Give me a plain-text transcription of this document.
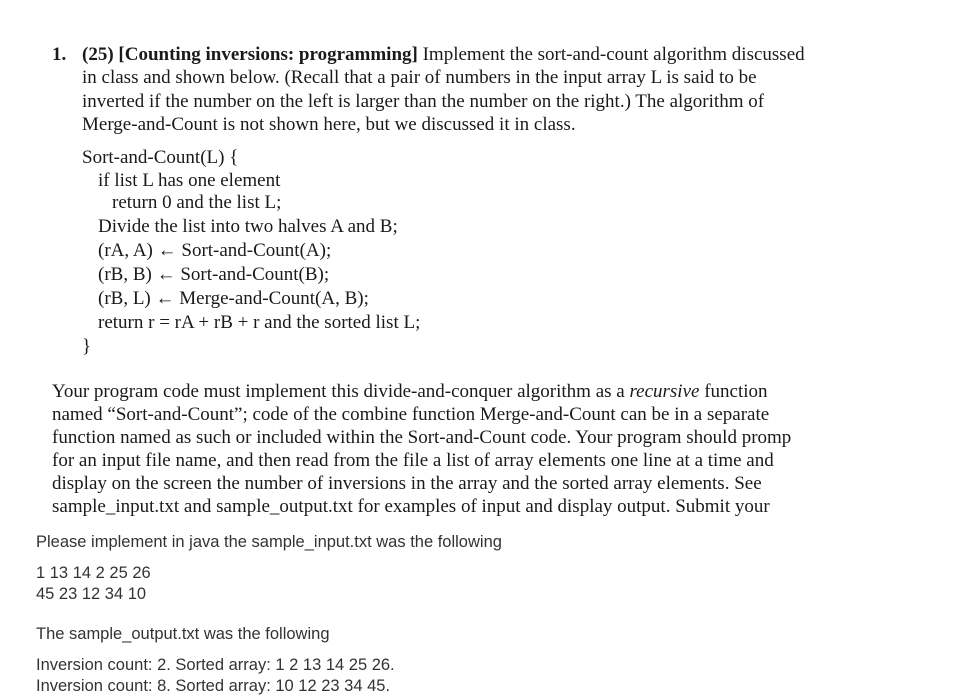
1. (25) [Counting inversions: programming] Implement the sort-and-count algorithm discussed
in class and shown below. (Recall that a pair of numbers in the input array L is said to be
inverted if the number on the left is larger than the number on the right.) The algorithm of
Merge-and-Count is not shown here, but we discussed it in class.
Sort-and-Count(L) {
if list L has one element
return 0 and the list L;
Divide the list into two halves A and B;
(rA, A) ← Sort-and-Count(A);
(rB, B) ← Sort-and-Count(B);
(rB, L) ← Merge-and-Count(A, B);
return r = rA + rB + r and the sorted list L;
}
Your program code must implement this divide-and-conquer algorithm as a recursive function
named “Sort-and-Count”; code of the combine function Merge-and-Count can be in a separate
function named as such or included within the Sort-and-Count code. Your program should promp
for an input file name, and then read from the file a list of array elements one line at a time and
display on the screen the number of inversions in the array and the sorted array elements. See
sample_input.txt and sample_output.txt for examples of input and display output. Submit your
Please implement in java the sample_input.txt was the following
1 13 14 2 25 26
45 23 12 34 10
The sample_output.txt was the following
Inversion count: 2. Sorted array: 1 2 13 14 25 26.
Inversion count: 8. Sorted array: 10 12 23 34 45.
